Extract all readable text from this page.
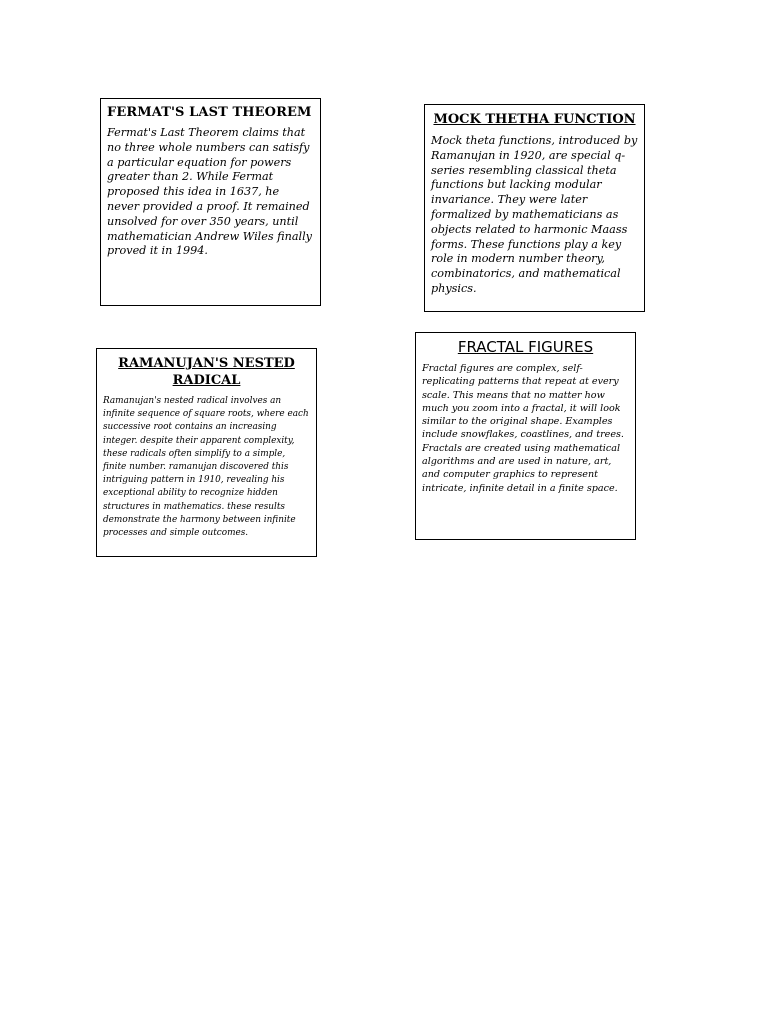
FERMAT'S LAST THEOREM

Fermat's Last Theorem claims that no three whole numbers can satisfy a particular equation for powers greater than 2. While Fermat proposed this idea in 1637, he never provided a proof. It remained unsolved for over 350 years, until mathematician Andrew Wiles finally proved it in 1994.

MOCK THETHA FUNCTION

Mock theta functions, introduced by Ramanujan in 1920, are special q-series resembling classical theta functions but lacking modular invariance. They were later formalized by mathematicians as objects related to harmonic Maass forms. These functions play a key role in modern number theory, combinatorics, and mathematical physics.

RAMANUJAN'S NESTED RADICAL

Ramanujan's nested radical involves an infinite sequence of square roots, where each successive root contains an increasing integer. despite their apparent complexity, these radicals often simplify to a simple, finite number. ramanujan discovered this intriguing pattern in 1910, revealing his exceptional ability to recognize hidden structures in mathematics. these results demonstrate the harmony between infinite processes and simple outcomes.

FRACTAL FIGURES

Fractal figures are complex, self-replicating patterns that repeat at every scale. This means that no matter how much you zoom into a fractal, it will look similar to the original shape. Examples include snowflakes, coastlines, and trees. Fractals are created using mathematical algorithms and are used in nature, art, and computer graphics to represent intricate, infinite detail in a finite space.
